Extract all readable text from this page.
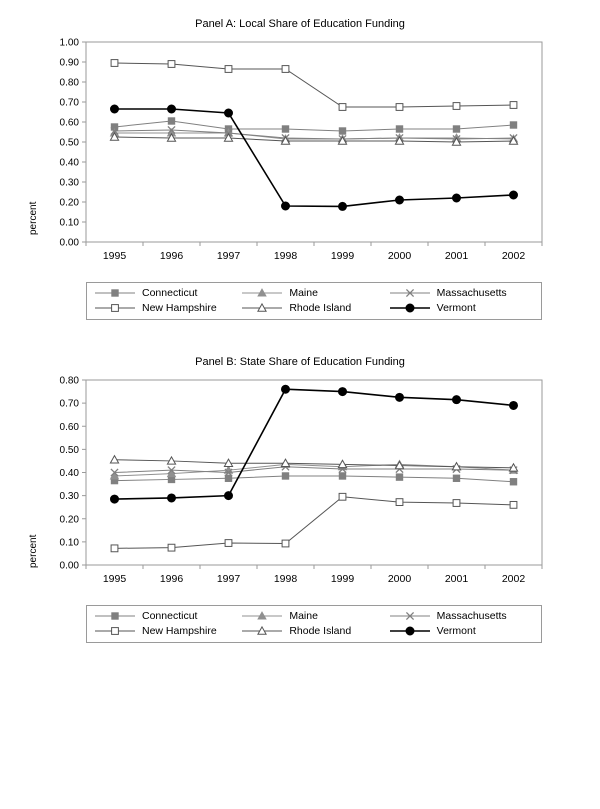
Panel A: Local Share of Education Funding
percent
0.00
0.10
0.20
0.30
0.40
0.50
0.60
0.70
0.80
0.90
1.00
1995	1996	1997	1998	1999	2000	2001	2002
Connecticut	Maine	Massachusetts
New Hampshire	Rhode Island	Vermont
Panel B: State Share of Education Funding
percent 0.00
0.10
0.20
0.30
0.40
0.50
0.60
0.70
0.80
1995	1996	1997	1998	1999	2000	2001	2002
Connecticut	Maine	Massachusetts
New Hampshire	Rhode Island	Vermont
